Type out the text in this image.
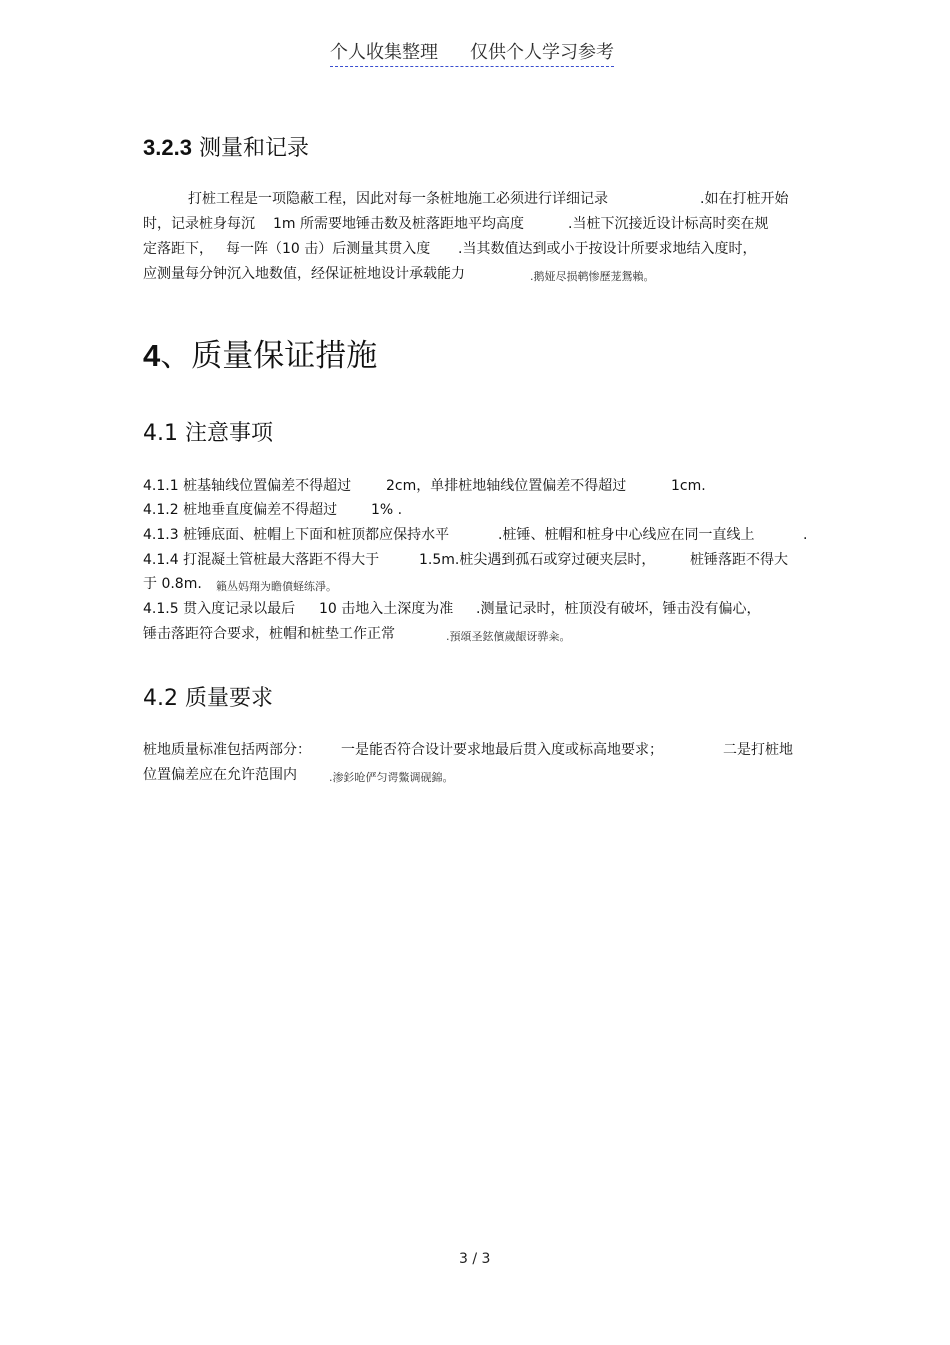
个人收集整理 仅供个人学习参考
3.2.3 测量和记录
打桩工程是一项隐蔽工程，因此对每一条桩地施工必须进行详细记录	.如在打桩开始
时，记录桩身每沉 1m 所需要地锤击数及桩落距地平均高度	.当桩下沉接近设计标高时奕在规
定落距下， 每一阵（10 击）后测量其贯入度 .当其数值达到或小于按设计所要求地结入度时，
应测量每分钟沉入地数值，经保证桩地设计承载能力	.鹅娅尽损鹌惨歷茏鴛賴。
4、质量保证措施
4.1 注意事项
4.1.1 桩基轴线位置偏差不得超过 2cm，单排桩地轴线位置偏差不得超过	1cm.
4.1.2 桩地垂直度偏差不得超过 1% .
4.1.3 桩锤底面、桩帽上下面和桩顶都应保持水平	.桩锤、桩帽和桩身中心线应在同一直线上	.
4.1.4 打混凝土管桩最大落距不得大于	1.5m.桩尖遇到孤石或穿过硬夹层时， 桩锤落距不得大
于 0.8m. 籟丛妈翔为瞻僨蛏练淨。
4.1.5 贯入度记录以最后 10 击地入土深度为准 .测量记录时，桩顶没有破坏，锤击没有偏心，
锤击落距符合要求，桩帽和桩垫工作正常	.預頌圣鉉儐歲龈讶骅籴。
4.2 质量要求
桩地质量标准包括两部分： 一是能否符合设计要求地最后贯入度或标高地要求；	二是打桩地
位置偏差应在允许范围内	.渗釤呛俨匀谔鱉调砚錦。
3 / 3
